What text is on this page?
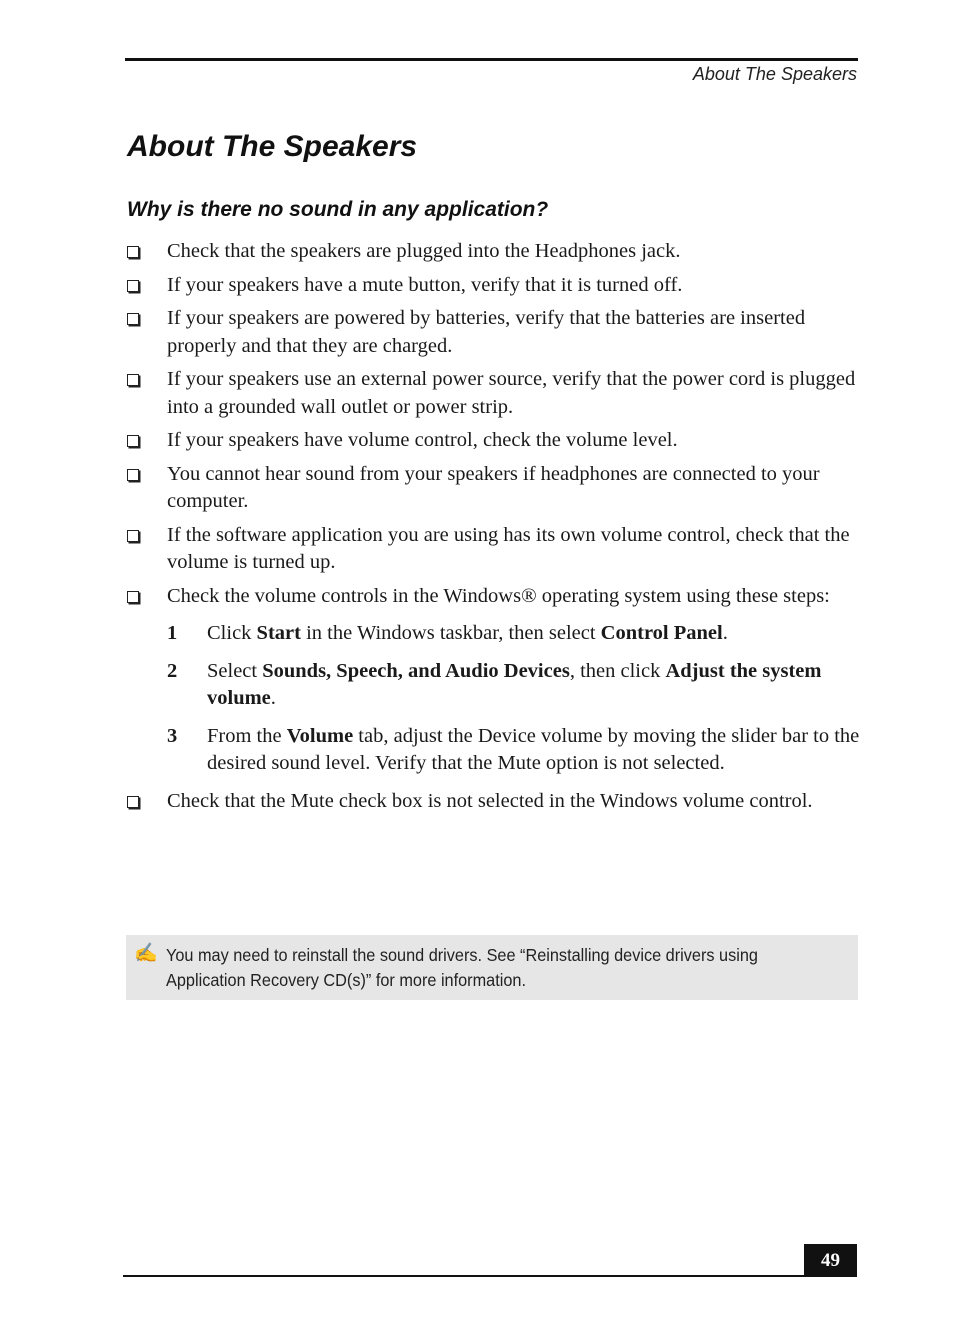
About The Speakers
About The Speakers
Why is there no sound in any application?
Check that the speakers are plugged into the Headphones jack.
If your speakers have a mute button, verify that it is turned off.
If your speakers are powered by batteries, verify that the batteries are inserted properly and that they are charged.
If your speakers use an external power source, verify that the power cord is plugged into a grounded wall outlet or power strip.
If your speakers have volume control, check the volume level.
You cannot hear sound from your speakers if headphones are connected to your computer.
If the software application you are using has its own volume control, check that the volume is turned up.
Check the volume controls in the Windows® operating system using these steps:
1 Click Start in the Windows taskbar, then select Control Panel.
2 Select Sounds, Speech, and Audio Devices, then click Adjust the system volume.
3 From the Volume tab, adjust the Device volume by moving the slider bar to the desired sound level. Verify that the Mute option is not selected.
Check that the Mute check box is not selected in the Windows volume control.
✍ You may need to reinstall the sound drivers. See “Reinstalling device drivers using Application Recovery CD(s)” for more information.
49
